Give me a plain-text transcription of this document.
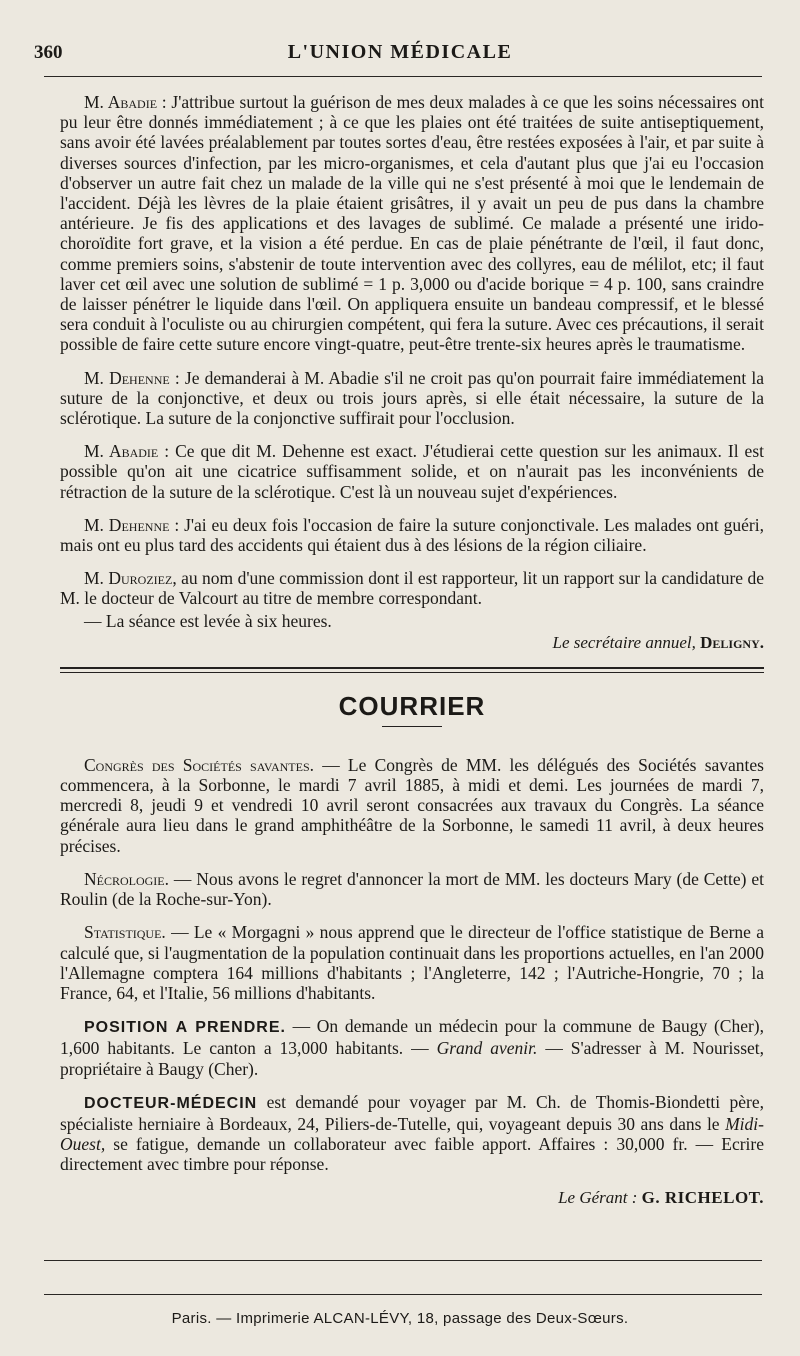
360	L'UNION MÉDICALE

M. Abadie : J'attribue surtout la guérison de mes deux malades à ce que les soins nécessaires ont pu leur être donnés immédiatement ; à ce que les plaies ont été traitées de suite antiseptiquement, sans avoir été lavées préalablement par toutes sortes d'eau, être restées exposées à l'air, et par suite à diverses sources d'infection, par les micro-organismes, et cela d'autant plus que j'ai eu l'occasion d'observer un autre fait chez un malade de la ville qui ne s'est présenté à moi que le lendemain de l'accident. Déjà les lèvres de la plaie étaient grisâtres, il y avait un peu de pus dans la chambre antérieure. Je fis des applications et des lavages de sublimé. Ce malade a présenté une irido-choroïdite fort grave, et la vision a été perdue. En cas de plaie pénétrante de l'œil, il faut donc, comme premiers soins, s'abstenir de toute intervention avec des collyres, eau de mélilot, etc; il faut laver cet œil avec une solution de sublimé = 1 p. 3,000 ou d'acide borique = 4 p. 100, sans craindre de laisser pénétrer le liquide dans l'œil. On appliquera ensuite un bandeau compressif, et le blessé sera conduit à l'oculiste ou au chirurgien compétent, qui fera la suture. Avec ces précautions, il serait possible de faire cette suture encore vingt-quatre, peut-être trente-six heures après le traumatisme.

M. Dehenne : Je demanderai à M. Abadie s'il ne croit pas qu'on pourrait faire immédiatement la suture de la conjonctive, et deux ou trois jours après, si elle était nécessaire, la suture de la sclérotique. La suture de la conjonctive suffirait pour l'occlusion.

M. Abadie : Ce que dit M. Dehenne est exact. J'étudierai cette question sur les animaux. Il est possible qu'on ait une cicatrice suffisamment solide, et on n'aurait pas les inconvénients de rétraction de la suture de la sclérotique. C'est là un nouveau sujet d'expériences.

M. Dehenne : J'ai eu deux fois l'occasion de faire la suture conjonctivale. Les malades ont guéri, mais ont eu plus tard des accidents qui étaient dus à des lésions de la région ciliaire.

M. Duroziez, au nom d'une commission dont il est rapporteur, lit un rapport sur la candidature de M. le docteur de Valcourt au titre de membre correspondant.

— La séance est levée à six heures.

Le secrétaire annuel, Deligny.
COURRIER

Congrès des Sociétés savantes. — Le Congrès de MM. les délégués des Sociétés savantes commencera, à la Sorbonne, le mardi 7 avril 1885, à midi et demi. Les journées de mardi 7, mercredi 8, jeudi 9 et vendredi 10 avril seront consacrées aux travaux du Congrès. La séance générale aura lieu dans le grand amphithéâtre de la Sorbonne, le samedi 11 avril, à deux heures précises.

Nécrologie. — Nous avons le regret d'annoncer la mort de MM. les docteurs Mary (de Cette) et Roulin (de la Roche-sur-Yon).

Statistique. — Le « Morgagni » nous apprend que le directeur de l'office statistique de Berne a calculé que, si l'augmentation de la population continuait dans les proportions actuelles, en l'an 2000 l'Allemagne comptera 164 millions d'habitants ; l'Angleterre, 142 ; l'Autriche-Hongrie, 70 ; la France, 64, et l'Italie, 56 millions d'habitants.

POSITION A PRENDRE. — On demande un médecin pour la commune de Baugy (Cher), 1,600 habitants. Le canton a 13,000 habitants. — Grand avenir. — S'adresser à M. Nourisset, propriétaire à Baugy (Cher).

DOCTEUR-MÉDECIN est demandé pour voyager par M. Ch. de Thomis-Biondetti père, spécialiste herniaire à Bordeaux, 24, Piliers-de-Tutelle, qui, voyageant depuis 30 ans dans le Midi-Ouest, se fatigue, demande un collaborateur avec faible apport. Affaires : 30,000 fr. — Ecrire directement avec timbre pour réponse.

Le Gérant : G. RICHELOT.
Paris. — Imprimerie ALCAN-LÉVY, 18, passage des Deux-Sœurs.
